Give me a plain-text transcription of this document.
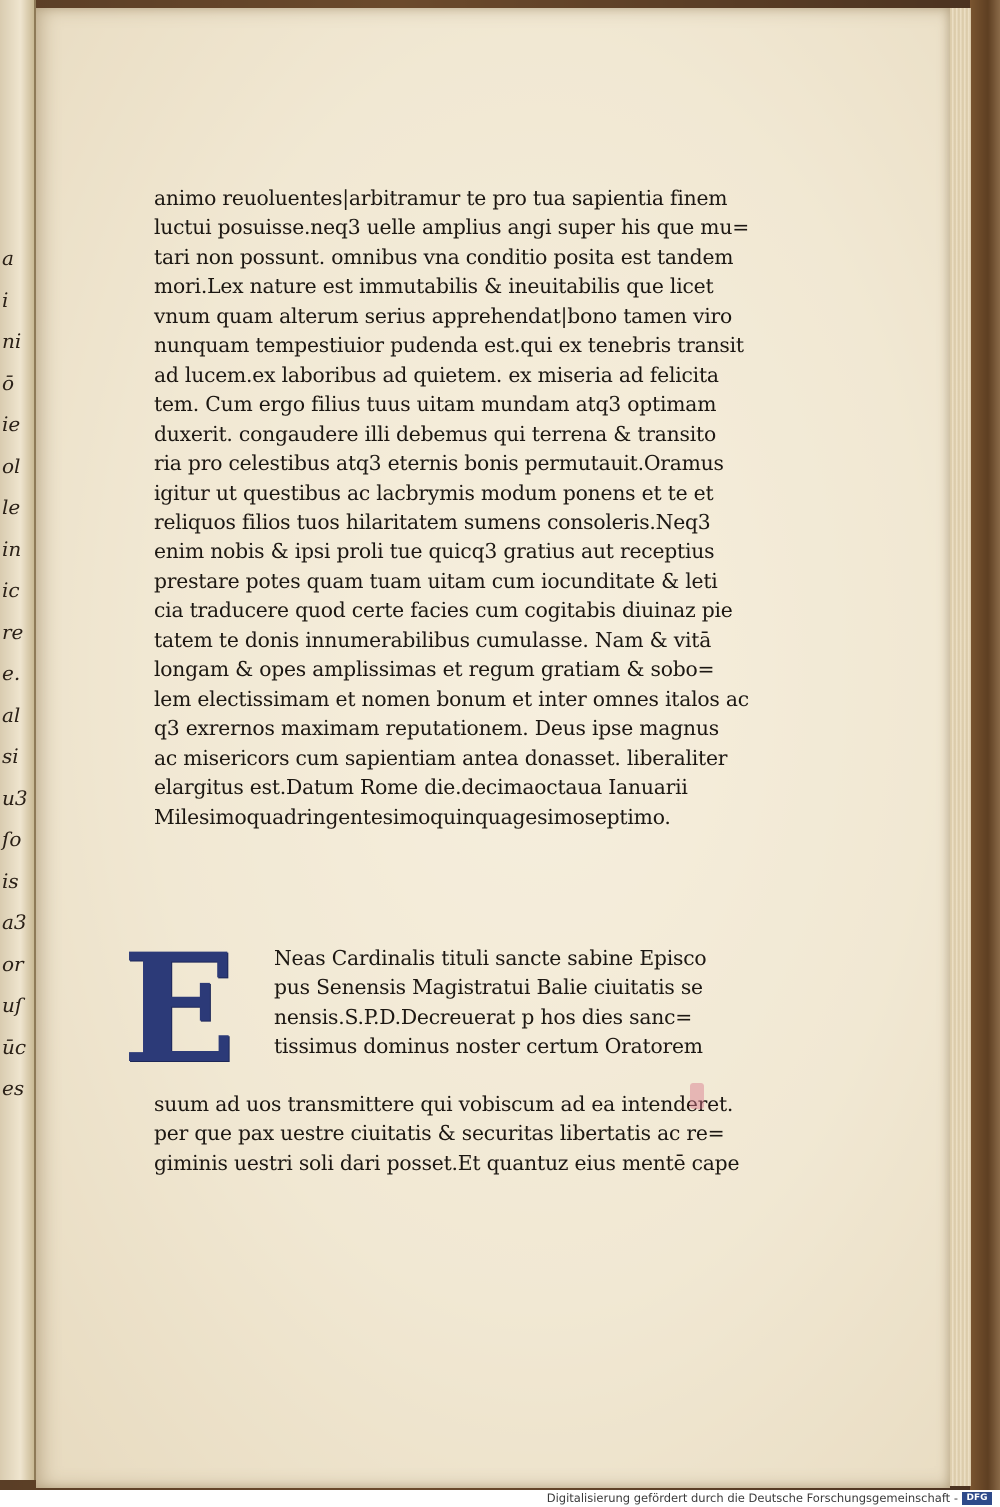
a
i
ni
ō
ie
ol
le
in
ic
re
e.
al
si
u3
ſo
is
a3
or
uſ
ūc
es
animo reuoluentes|arbitramur te pro tua sapientia finem
luctui posuisse.neq3 uelle amplius angi super his que mu=
tari non possunt. omnibus vna conditio posita est tandem
mori.Lex nature est immutabilis & ineuitabilis que licet
vnum quam alterum serius apprehendat|bono tamen viro
nunquam tempestiuior pudenda est.qui ex tenebris transit
ad lucem.ex laboribus ad quietem. ex miseria ad felicita
tem. Cum ergo filius tuus uitam mundam atq3 optimam
duxerit. congaudere illi debemus qui terrena & transito
ria pro celestibus atq3 eternis bonis permutauit.Oramus
igitur ut questibus ac lacbrymis modum ponens et te et
reliquos filios tuos hilaritatem sumens consoleris.Neq3
enim nobis & ipsi proli tue quicq3 gratius aut receptius
prestare potes quam tuam uitam cum iocunditate & leti
cia traducere quod certe facies cum cogitabis diuinaz pie
tatem te donis innumerabilibus cumulasse. Nam & vitā
longam & opes amplissimas et regum gratiam & sobo=
lem electissimam et nomen bonum et inter omnes italos ac
q3 exrernos maximam reputationem. Deus ipse magnus
ac misericors cum sapientiam antea donasset. liberaliter
elargitus est.Datum Rome die.decimaoctaua Ianuarii
Milesimoquadringentesimoquinquagesimoseptimo.
E	Neas Cardinalis tituli sancte sabine Episco
pus Senensis Magistratui Balie ciuitatis se
nensis.S.P.D.Decreuerat p hos dies sanc=
tissimus dominus noster certum Oratorem
suum ad uos transmittere qui vobiscum ad ea intenderet.
per que pax uestre ciuitatis & securitas libertatis ac re=
giminis uestri soli dari posset.Et quantuz eius mentē cape
Digitalisierung gefördert durch die Deutsche Forschungsgemeinschaft - DFG
